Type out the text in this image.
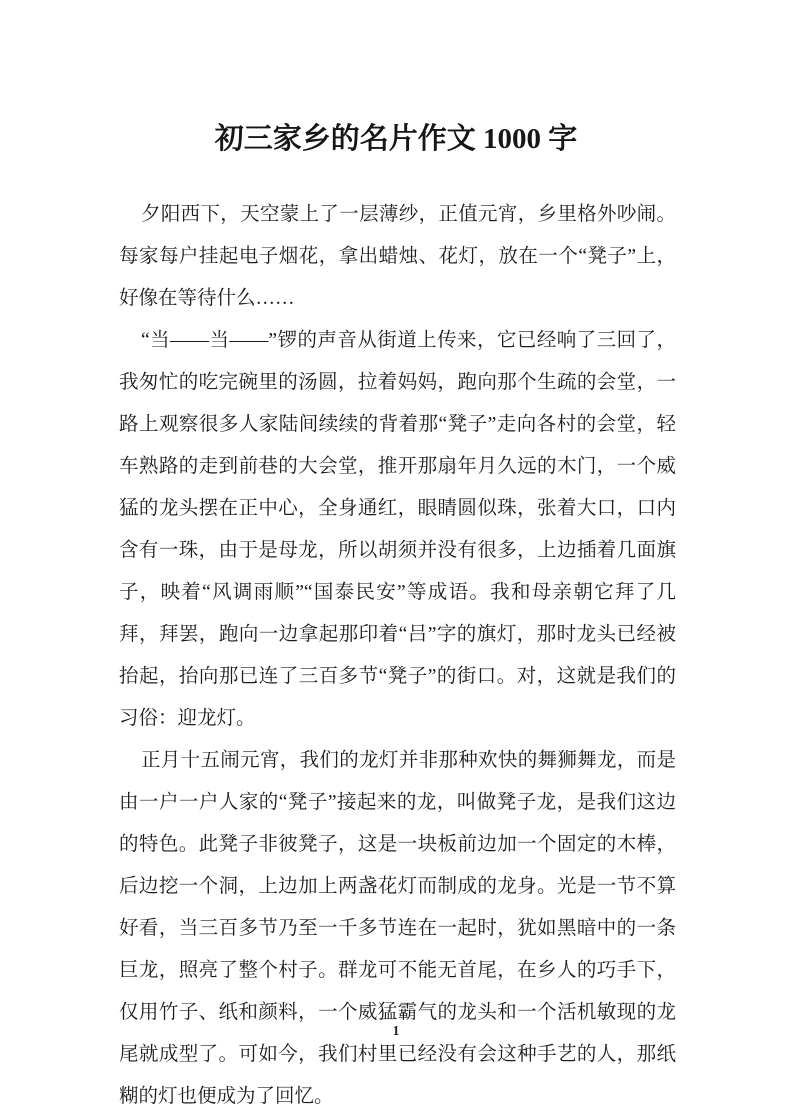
初三家乡的名片作文 1000 字

夕阳西下，天空蒙上了一层薄纱，正值元宵，乡里格外吵闹。每家每户挂起电子烟花，拿出蜡烛、花灯，放在一个“凳子”上，好像在等待什么……

“当——当——”锣的声音从街道上传来，它已经响了三回了，我匆忙的吃完碗里的汤圆，拉着妈妈，跑向那个生疏的会堂，一路上观察很多人家陆间续续的背着那“凳子”走向各村的会堂，轻车熟路的走到前巷的大会堂，推开那扇年月久远的木门，一个威猛的龙头摆在正中心，全身通红，眼睛圆似珠，张着大口，口内含有一珠，由于是母龙，所以胡须并没有很多，上边插着几面旗子，映着“风调雨顺”“国泰民安”等成语。我和母亲朝它拜了几拜，拜罢，跑向一边拿起那印着“吕”字的旗灯，那时龙头已经被抬起，抬向那已连了三百多节“凳子”的街口。对，这就是我们的习俗：迎龙灯。

正月十五闹元宵，我们的龙灯并非那种欢快的舞狮舞龙，而是由一户一户人家的“凳子”接起来的龙，叫做凳子龙，是我们这边的特色。此凳子非彼凳子，这是一块板前边加一个固定的木棒，后边挖一个洞，上边加上两盏花灯而制成的龙身。光是一节不算好看，当三百多节乃至一千多节连在一起时，犹如黑暗中的一条巨龙，照亮了整个村子。群龙可不能无首尾，在乡人的巧手下，仅用竹子、纸和颜料，一个威猛霸气的龙头和一个活机敏现的龙尾就成型了。可如今，我们村里已经没有会这种手艺的人，那纸糊的灯也便成为了回忆。

1
